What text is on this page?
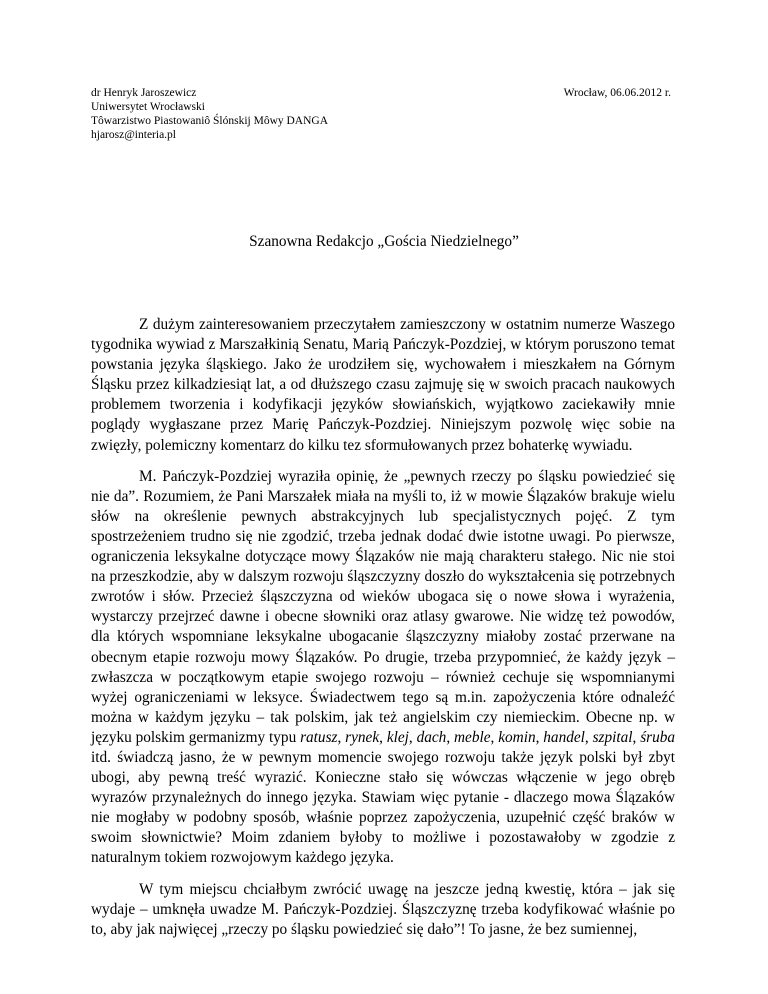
dr Henryk Jaroszewicz
Uniwersytet Wrocławski
Tôwarzistwo Piastowaniô Ślónskij Môwy DANGA
hjarosz@interia.pl
Wrocław, 06.06.2012 r.
Szanowna Redakcjo „Gościa Niedzielnego”

Z dużym zainteresowaniem przeczytałem zamieszczony w ostatnim numerze Waszego tygodnika wywiad z Marszałkinią Senatu, Marią Pańczyk-Pozdziej, w którym poruszono temat powstania języka śląskiego. Jako że urodziłem się, wychowałem i mieszkałem na Górnym Śląsku przez kilkadziesiąt lat, a od dłuższego czasu zajmuję się w swoich pracach naukowych problemem tworzenia i kodyfikacji języków słowiańskich, wyjątkowo zaciekawiły mnie poglądy wygłaszane przez Marię Pańczyk-Pozdziej. Niniejszym pozwolę więc sobie na zwięzły, polemiczny komentarz do kilku tez sformułowanych przez bohaterkę wywiadu.

M. Pańczyk-Pozdziej wyraziła opinię, że „pewnych rzeczy po śląsku powiedzieć się nie da”. Rozumiem, że Pani Marszałek miała na myśli to, iż w mowie Ślązaków brakuje wielu słów na określenie pewnych abstrakcyjnych lub specjalistycznych pojęć. Z tym spostrzeżeniem trudno się nie zgodzić, trzeba jednak dodać dwie istotne uwagi. Po pierwsze, ograniczenia leksykalne dotyczące mowy Ślązaków nie mają charakteru stałego. Nic nie stoi na przeszkodzie, aby w dalszym rozwoju śląszczyzny doszło do wykształcenia się potrzebnych zwrotów i słów. Przecież śląszczyzna od wieków ubogaca się o nowe słowa i wyrażenia, wystarczy przejrzeć dawne i obecne słowniki oraz atlasy gwarowe. Nie widzę też powodów, dla których wspomniane leksykalne ubogacanie śląszczyzny miałoby zostać przerwane na obecnym etapie rozwoju mowy Ślązaków. Po drugie, trzeba przypomnieć, że każdy język – zwłaszcza w początkowym etapie swojego rozwoju – również cechuje się wspomnianymi wyżej ograniczeniami w leksyce. Świadectwem tego są m.in. zapożyczenia które odnaleźć można w każdym języku – tak polskim, jak też angielskim czy niemieckim. Obecne np. w języku polskim germanizmy typu ratusz, rynek, klej, dach, meble, komin, handel, szpital, śruba itd. świadczą jasno, że w pewnym momencie swojego rozwoju także język polski był zbyt ubogi, aby pewną treść wyrazić. Konieczne stało się wówczas włączenie w jego obręb wyrazów przynależnych do innego języka. Stawiam więc pytanie - dlaczego mowa Ślązaków nie mogłaby w podobny sposób, właśnie poprzez zapożyczenia, uzupełnić część braków w swoim słownictwie? Moim zdaniem byłoby to możliwe i pozostawałoby w zgodzie z naturalnym tokiem rozwojowym każdego języka.

W tym miejscu chciałbym zwrócić uwagę na jeszcze jedną kwestię, która – jak się wydaje – umknęła uwadze M. Pańczyk-Pozdziej. Śląszczyznę trzeba kodyfikować właśnie po to, aby jak najwięcej „rzeczy po śląsku powiedzieć się dało”! To jasne, że bez sumiennej,
